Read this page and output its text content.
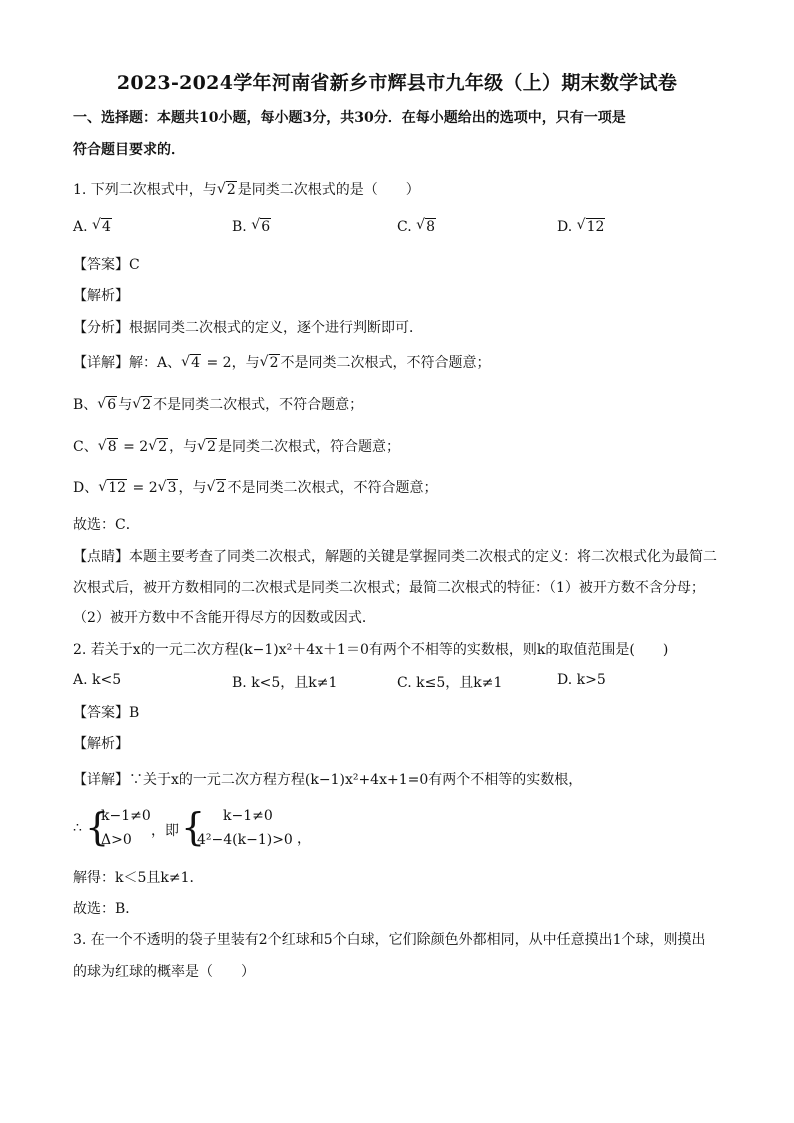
2023-2024学年河南省新乡市辉县市九年级（上）期末数学试卷
一、选择题：本题共10小题，每小题3分，共30分．在每小题给出的选项中，只有一项是
符合题目要求的．
1. 下列二次根式中，与 √ 2 是同类二次根式的是（　　）
A. √ 4	B. √ 6	C. √ 8	D. √ 12
【答案】C
【解析】
【分析】根据同类二次根式的定义，逐个进行判断即可．
【详解】解：A、 √ 4 = 2，与 √ 2 不是同类二次根式，不符合题意；
B、 √ 6 与 √ 2 不是同类二次根式，不符合题意；
C、 √ 8 = 2 √ 2 ，与 √ 2 是同类二次根式，符合题意；
D、 √ 12 = 2 √ 3 ，与 √ 2 不是同类二次根式，不符合题意；
故选：C．
【点睛】本题主要考查了同类二次根式，解题的关键是掌握同类二次根式的定义：将二次根式化为最简二
次根式后，被开方数相同的二次根式是同类二次根式；最简二次根式的特征：（1）被开方数不含分母；
（2）被开方数中不含能开得尽方的因数或因式．
2. 若关于x的一元二次方程(k−1)x²＋4x＋1＝0有两个不相等的实数根，则k的取值范围是(　　)
A. k<5	B. k<5，且k≠1	C. k≤5，且k≠1	D. k>5
【答案】B
【解析】
【详解】∵关于x的一元二次方程方程(k−1)x²+4x+1=0有两个不相等的实数根，
∴ {
k−1≠0
Δ>0
，即 { k−1≠0
4²−4(k−1)>0 ，
解得：k＜5且k≠1．
故选：B．
3. 在一个不透明的袋子里装有2个红球和5个白球，它们除颜色外都相同，从中任意摸出1个球，则摸出
的球为红球的概率是（　　）
